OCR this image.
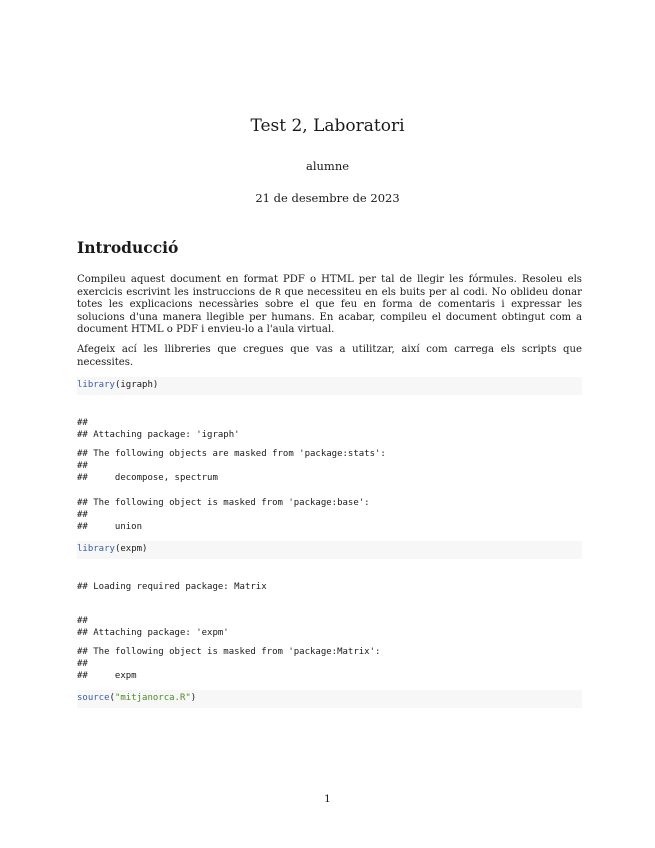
Test 2, Laboratori
alumne
21 de desembre de 2023
Introducció

Compileu aquest document en format PDF o HTML per tal de llegir les fórmules. Resoleu els exercicis escrivint les instruccions de R que necessiteu en els buits per al codi. No oblideu donar totes les explicacions necessàries sobre el que feu en forma de comentaris i expressar les solucions d'una manera llegible per humans. En acabar, compileu el document obtingut com a document HTML o PDF i envieu-lo a l'aula virtual.

Afegeix ací les llibreries que cregues que vas a utilitzar, així com carrega els scripts que necessites.

library(igraph)
##
## Attaching package: 'igraph'
## The following objects are masked from 'package:stats':
##
##     decompose, spectrum
## The following object is masked from 'package:base':
##
##     union
library(expm)
## Loading required package: Matrix
##
## Attaching package: 'expm'
## The following object is masked from 'package:Matrix':
##
##     expm
source("mitjanorca.R")
1
